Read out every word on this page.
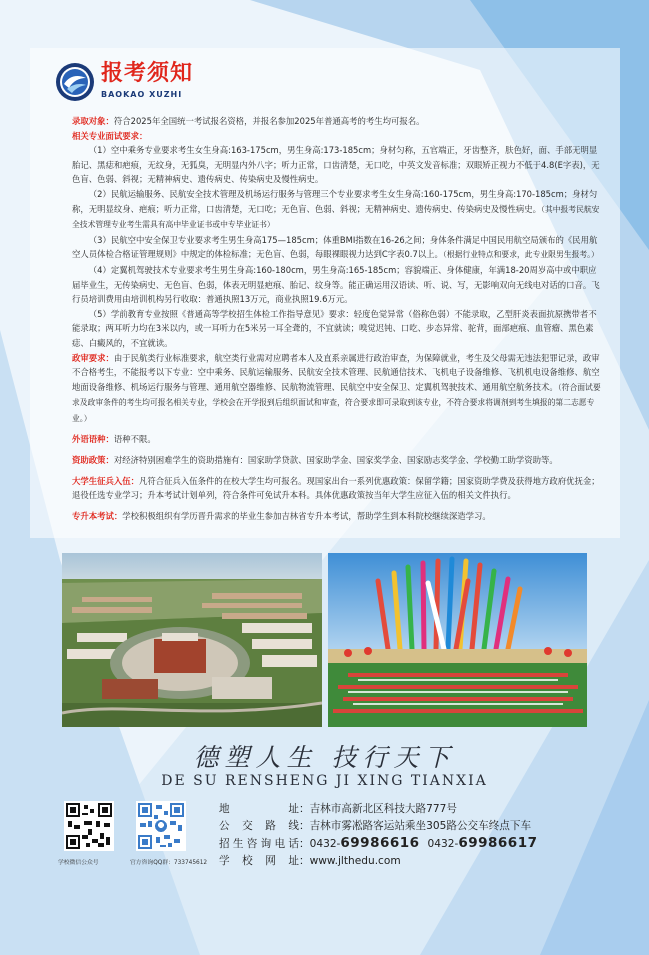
报考须知
BAOKAO XUZHI

录取对象：符合2025年全国统一考试报名资格，并报名参加2025年普通高考的考生均可报名。

相关专业面试要求：

（1）空中乘务专业要求考生女生身高:163-175cm，男生身高:173-185cm；身材匀称，五官端正，牙齿整齐，肤色好，面、手部无明显胎记、黑痣和疤痕，无纹身，无狐臭，无明显内外八字；听力正常，口齿清楚，无口吃，中英文发音标准；双眼矫正视力不低于4.8(E字表)，无色盲、色弱、斜视；无精神病史、遗传病史、传染病史及慢性病史。

（2）民航运输服务、民航安全技术管理及机场运行服务与管理三个专业要求考生女生身高:160-175cm，男生身高:170-185cm；身材匀称，无明显纹身、疤痕；听力正常，口齿清楚，无口吃；无色盲、色弱、斜视；无精神病史、遗传病史、传染病史及慢性病史。（其中报考民航安全技术管理专业考生需具有高中毕业证书或中专毕业证书）

（3）民航空中安全保卫专业要求考生男生身高175—185cm；体重BMI指数在16-26之间；身体条件满足中国民用航空局颁布的《民用航空人员体检合格证管理规则》中规定的体检标准；无色盲、色弱，每眼裸眼视力达到C字表0.7以上。（根据行业特点和要求，此专业限男生报考。）

（4）定翼机驾驶技术专业要求考生男生身高:160-180cm，男生身高:165-185cm；容貌端正、身体健康，年满18-20周岁高中或中职应届毕业生，无传染病史、无色盲、色弱，体表无明显疤痕、胎记、纹身等。能正确运用汉语读、听、说、写，无影响双向无线电对话的口音。飞行员培训费用由培训机构另行收取：普通执照13万元，商业执照19.6万元。

（5）学前教育专业按照《普通高等学校招生体检工作指导意见》要求：轻度色觉异常（俗称色弱）不能录取，乙型肝炎表面抗原携带者不能录取；两耳听力均在3米以内，或一耳听力在5米另一耳全聋的，不宜就读；嗅觉迟钝、口吃、步态异常、驼背，面部疤痕、血管瘤、黑色素痣、白癜风的，不宜就读。

政审要求：由于民航类行业标准要求，航空类行业需对应聘者本人及直系亲属进行政治审查，为保障就业，考生及父母需无违法犯罪记录，政审不合格考生，不能报考以下专业：空中乘务、民航运输服务、民航安全技术管理、民航通信技术、飞机电子设备维修、飞机机电设备维修、航空地面设备维修、机场运行服务与管理、通用航空器维修、民航物流管理、民航空中安全保卫、定翼机驾驶技术、通用航空航务技术。（符合面试要求及政审条件的考生均可报名相关专业，学校会在开学报到后组织面试和审查，符合要求即可录取到该专业，不符合要求将调剂到考生填报的第二志愿专业。）

外语语种：语种不限。

资助政策：对经济特别困难学生的资助措施有：国家助学贷款、国家助学金、国家奖学金、国家励志奖学金、学校勤工助学资助等。

大学生征兵入伍：凡符合征兵入伍条件的在校大学生均可报名。现国家出台一系列优惠政策：保留学籍；国家资助学费及获得地方政府优抚金；退役任选专业学习；升本考试计划单列，符合条件可免试升本科。具体优惠政策按当年大学生应征入伍的相关文件执行。

专升本考试：学校积极组织有学历晋升需求的毕业生参加吉林省专升本考试，帮助学生到本科院校继续深造学习。

德塑人生 技行天下
DE SU RENSHENG JI XING TIANXIA
学校微信公众号	官方咨询QQ群：733745612
地	址 ： 吉林市高新北区科技大路777号
公 交 路 线 ： 吉林市雾凇路客运站乘坐305路公交车终点下车
招 生 咨 询 电 话 ： 0432- 69986616 0432- 69986617
学 校 网 址 ： www.jlthedu.com
